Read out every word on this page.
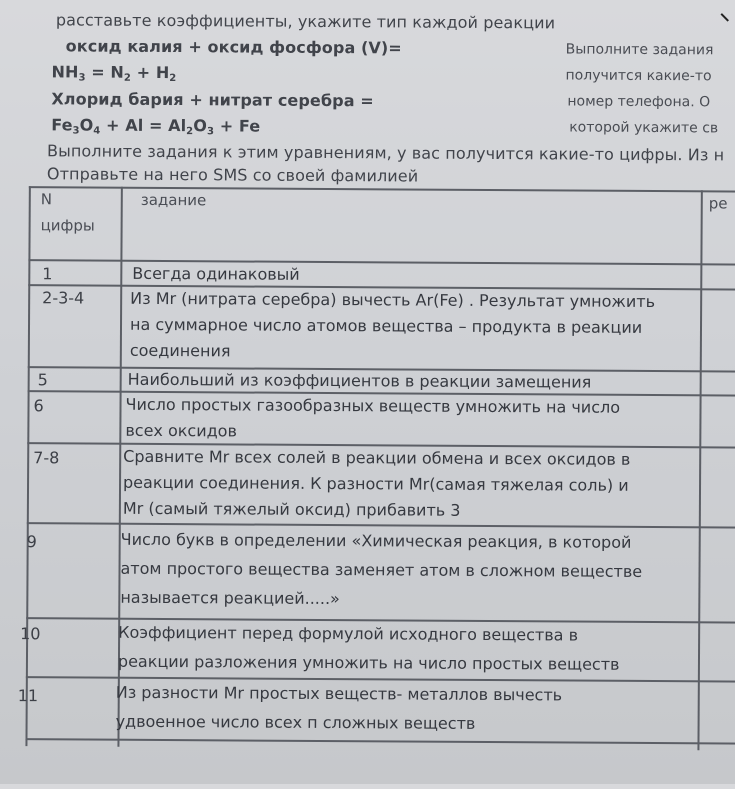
расставьте коэффициенты, укажите тип каждой реакции
оксид калия + оксид фосфора (V)=
$NH_3 = N_2 + H_2$
Хлорид бария + нитрат серебра =
$Fe_3O_4 + Al = Al_2O_3 + Fe$
Выполните задания
получится какие-то
номер телефона. О
которой укажите св
Выполните задания к этим уравнениям, у вас получится какие-то цифры. Из н
Отправьте на него SMS со своей фамилией
N
цифры
задание	ре
1	Всегда одинаковый
2-3-4	Из Mr (нитрата серебра) вычесть Ar(Fe) . Результат умножить
на суммарное число атомов вещества – продукта в реакции
соединения
5	Наибольший из коэффициентов в реакции замещения
6	Число простых газообразных веществ умножить на число
всех оксидов
7-8	Сравните Mr всех солей в реакции обмена и всех оксидов в
реакции соединения. К разности Mr(самая тяжелая соль) и
Mr (самый тяжелый оксид) прибавить 3
9	Число букв в определении «Химическая реакция, в которой
атом простого вещества заменяет атом в сложном веществе
называется реакцией.....»
10	Коэффициент перед формулой исходного вещества в
реакции разложения умножить на число простых веществ
11	Из разности Mr простых веществ- металлов вычесть
удвоенное число всех п сложных веществ
